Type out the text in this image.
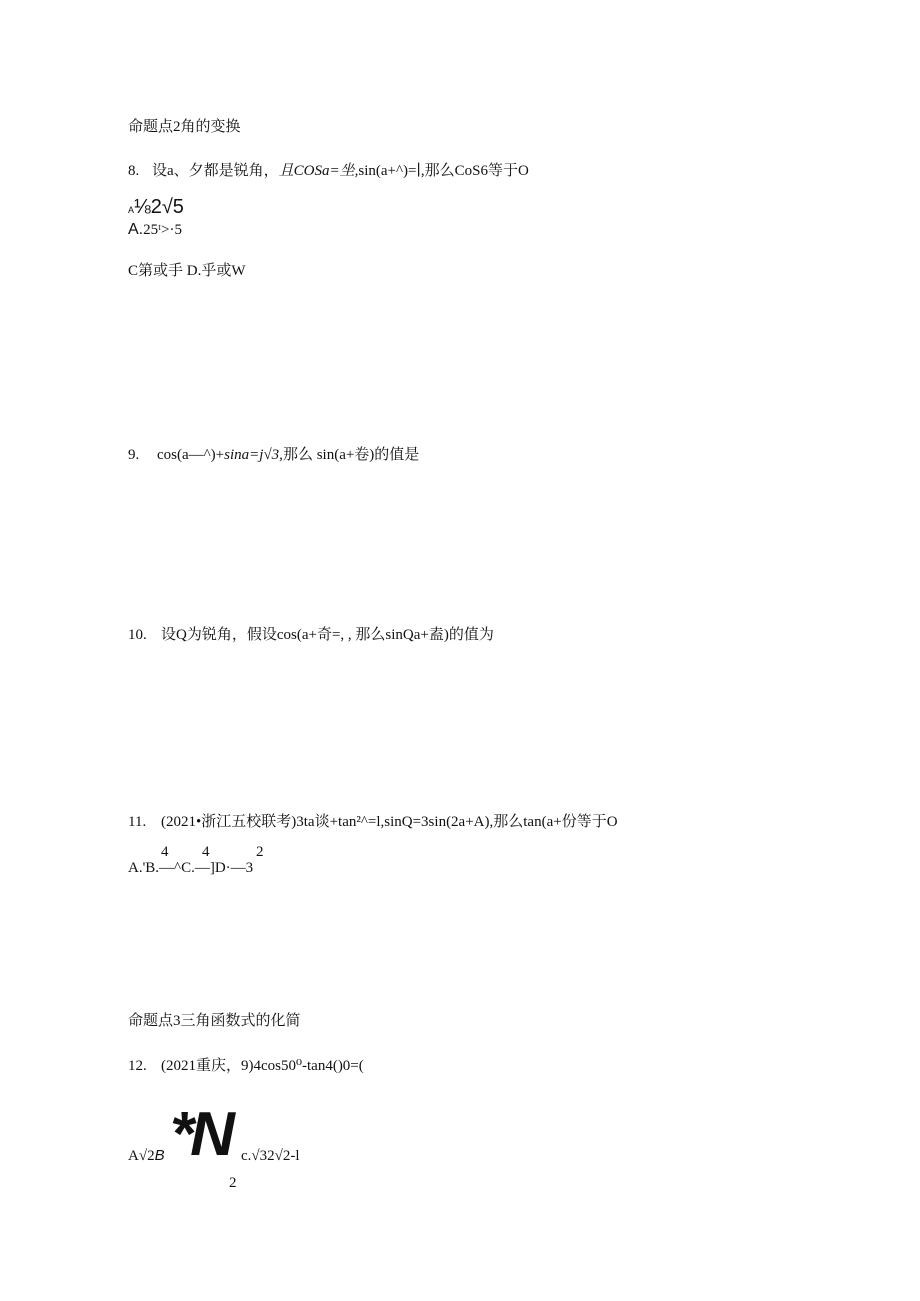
命题点2角的变换
8. 设a、夕都是锐角，且COSa=坐,sin(a+^)=∣,那么CoS6等于O
A⅛2√5
A.25ᵗ>·5
C第或手 D.乎或W
9. cos(a—^)+sina=j√3,那么 sin(a+卷)的值是
10. 设Q为锐角，假设cos(a+奇=, , 那么sinQa+盍)的值为
11. (2021•浙江五校联考)3ta谈+tan²^=l,sinQ=3sin(2a+A),那么tan(a+份等于O
4 4	2
A.'B.—^C.—]D·—3
命题点3三角函数式的化简
12. (2021重庆，9)4cos50⁰-tan4()0=(
A√2B *N c.√32√2-l
2
